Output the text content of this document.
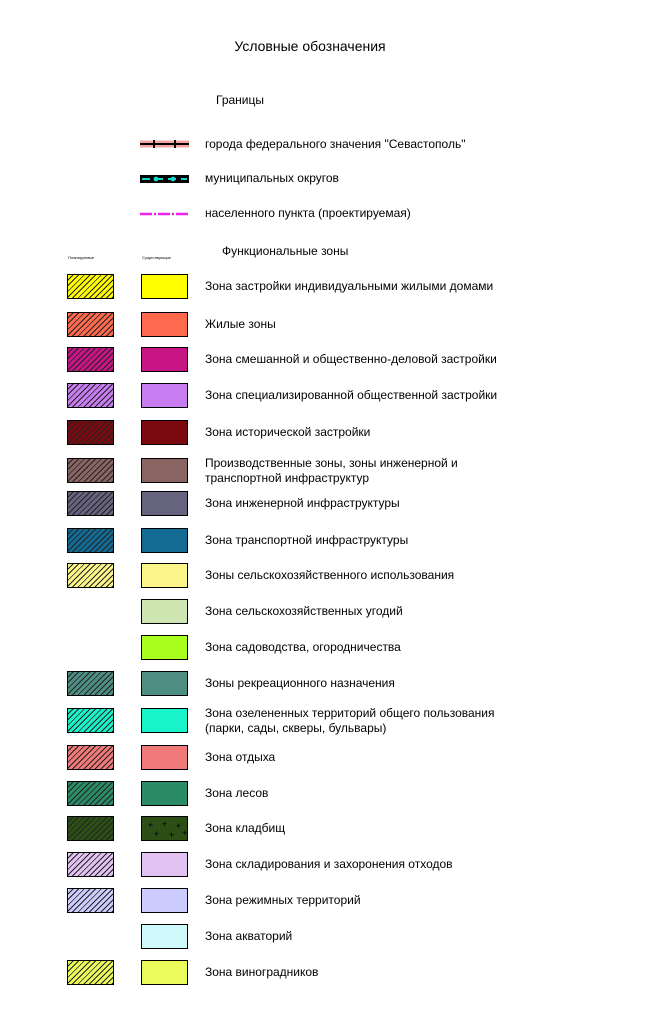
Условные обозначения
Границы
города федерального значения "Севастополь"
муниципальных округов
населенного пункта (проектируемая)
Функциональные зоны
Планируемые	Существующие
Зона застройки индивидуальными жилыми домами
Жилые зоны
Зона смешанной и общественно-деловой застройки
Зона специализированной общественной застройки
Зона исторической застройки
Производственные зоны, зоны инженерной и
транспортной инфраструктур
Зона инженерной инфраструктуры
Зона транспортной инфраструктуры
Зоны сельскохозяйственного использования
Зона сельскохозяйственных угодий
Зона садоводства, огородничества
Зоны рекреационного назначения
Зона озелененных территорий общего пользования
(парки, сады, скверы, бульвары)
Зона отдыха
Зона лесов
+ + +
+ + + Зона кладбищ
Зона складирования и захоронения отходов
Зона режимных территорий
Зона акваторий
Зона виноградников
